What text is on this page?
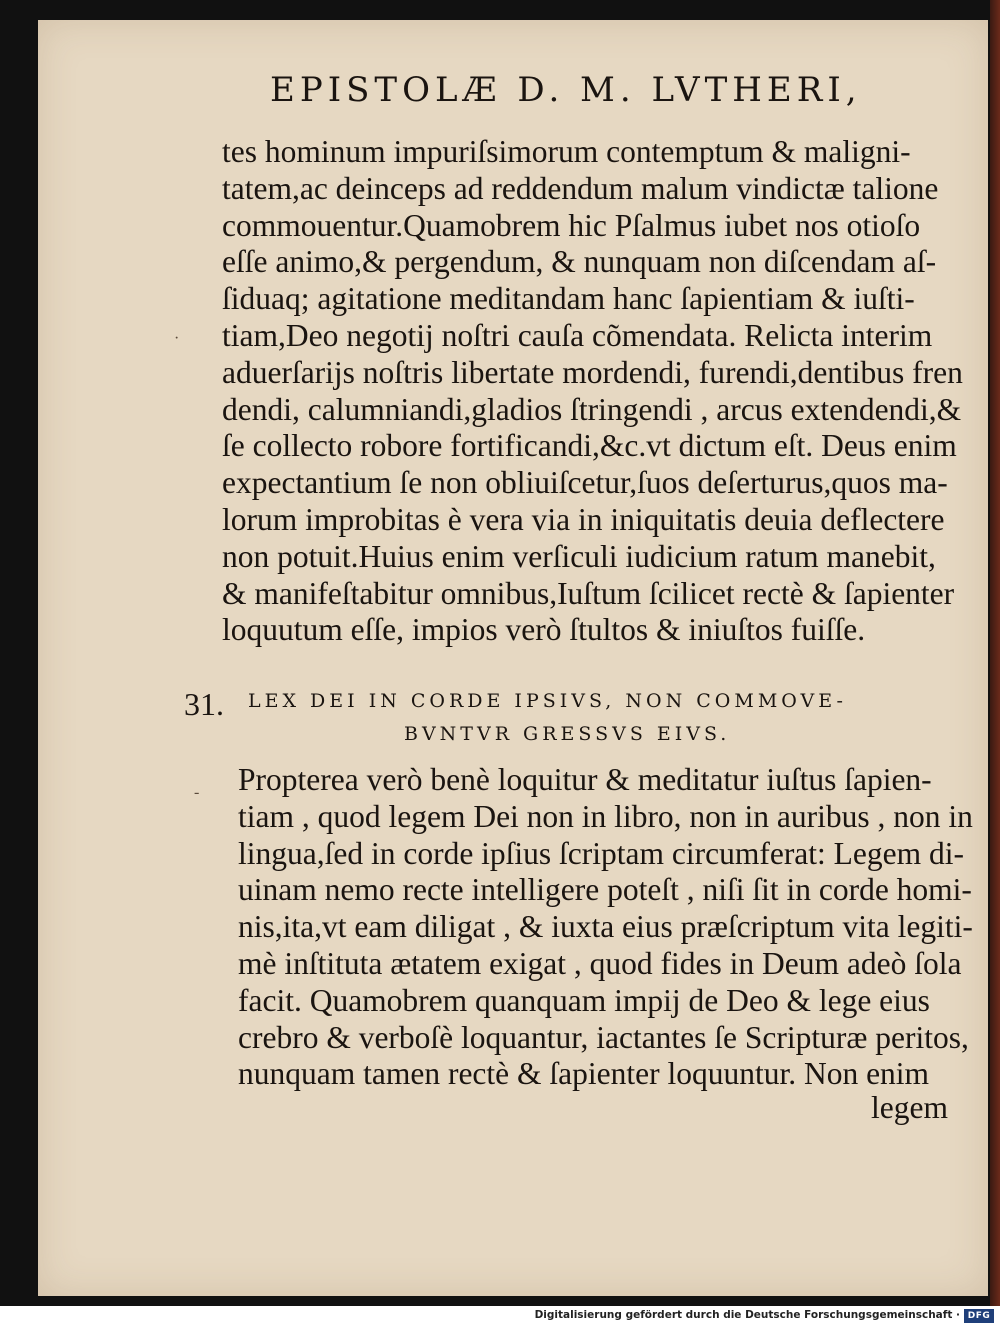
EPISTOLÆ D. M. LVTHERI,
tes hominum impuriſsimorum contemptum & maligni-
tatem,ac deinceps ad reddendum malum vindictæ talione
commouentur.Quamobrem hic Pſalmus iubet nos otioſo
eſſe animo,& pergendum, & nunquam non diſcendam aſ-
ſiduaq; agitatione meditandam hanc ſapientiam & iuſti-
tiam,Deo negotij noſtri cauſa cõmendata. Relicta interim
aduerſarijs noſtris libertate mordendi, furendi,dentibus fren
dendi, calumniandi,gladios ſtringendi , arcus extendendi,&
ſe collecto robore fortificandi,&c.vt dictum eſt. Deus enim
expectantium ſe non obliuiſcetur,ſuos deſerturus,quos ma-
lorum improbitas è vera via in iniquitatis deuia deflectere
non potuit.Huius enim verſiculi iudicium ratum manebit,
& manifeſtabitur omnibus,Iuſtum ſcilicet rectè & ſapienter
loquutum eſſe, impios verò ſtultos & iniuſtos fuiſſe.
31. LEX DEI IN CORDE IPSIVS, NON COMMOVE-
BVNTVR GRESSVS EIVS.
Propterea verò benè loquitur & meditatur iuſtus ſapien-
tiam , quod legem Dei non in libro, non in auribus , non in
lingua,ſed in corde ipſius ſcriptam circumferat: Legem di-
uinam nemo recte intelligere poteſt , niſi ſit in corde homi-
nis,ita,vt eam diligat , & iuxta eius præſcriptum vita legiti-
mè inſtituta ætatem exigat , quod fides in Deum adeò ſola
facit. Quamobrem quanquam impij de Deo & lege eius
crebro & verboſè loquantur, iactantes ſe Scripturæ peritos,
nunquam tamen rectè & ſapienter loquuntur. Non enim
legem
·
-
Digitalisierung gefördert durch die Deutsche Forschungsgemeinschaft · DFG
